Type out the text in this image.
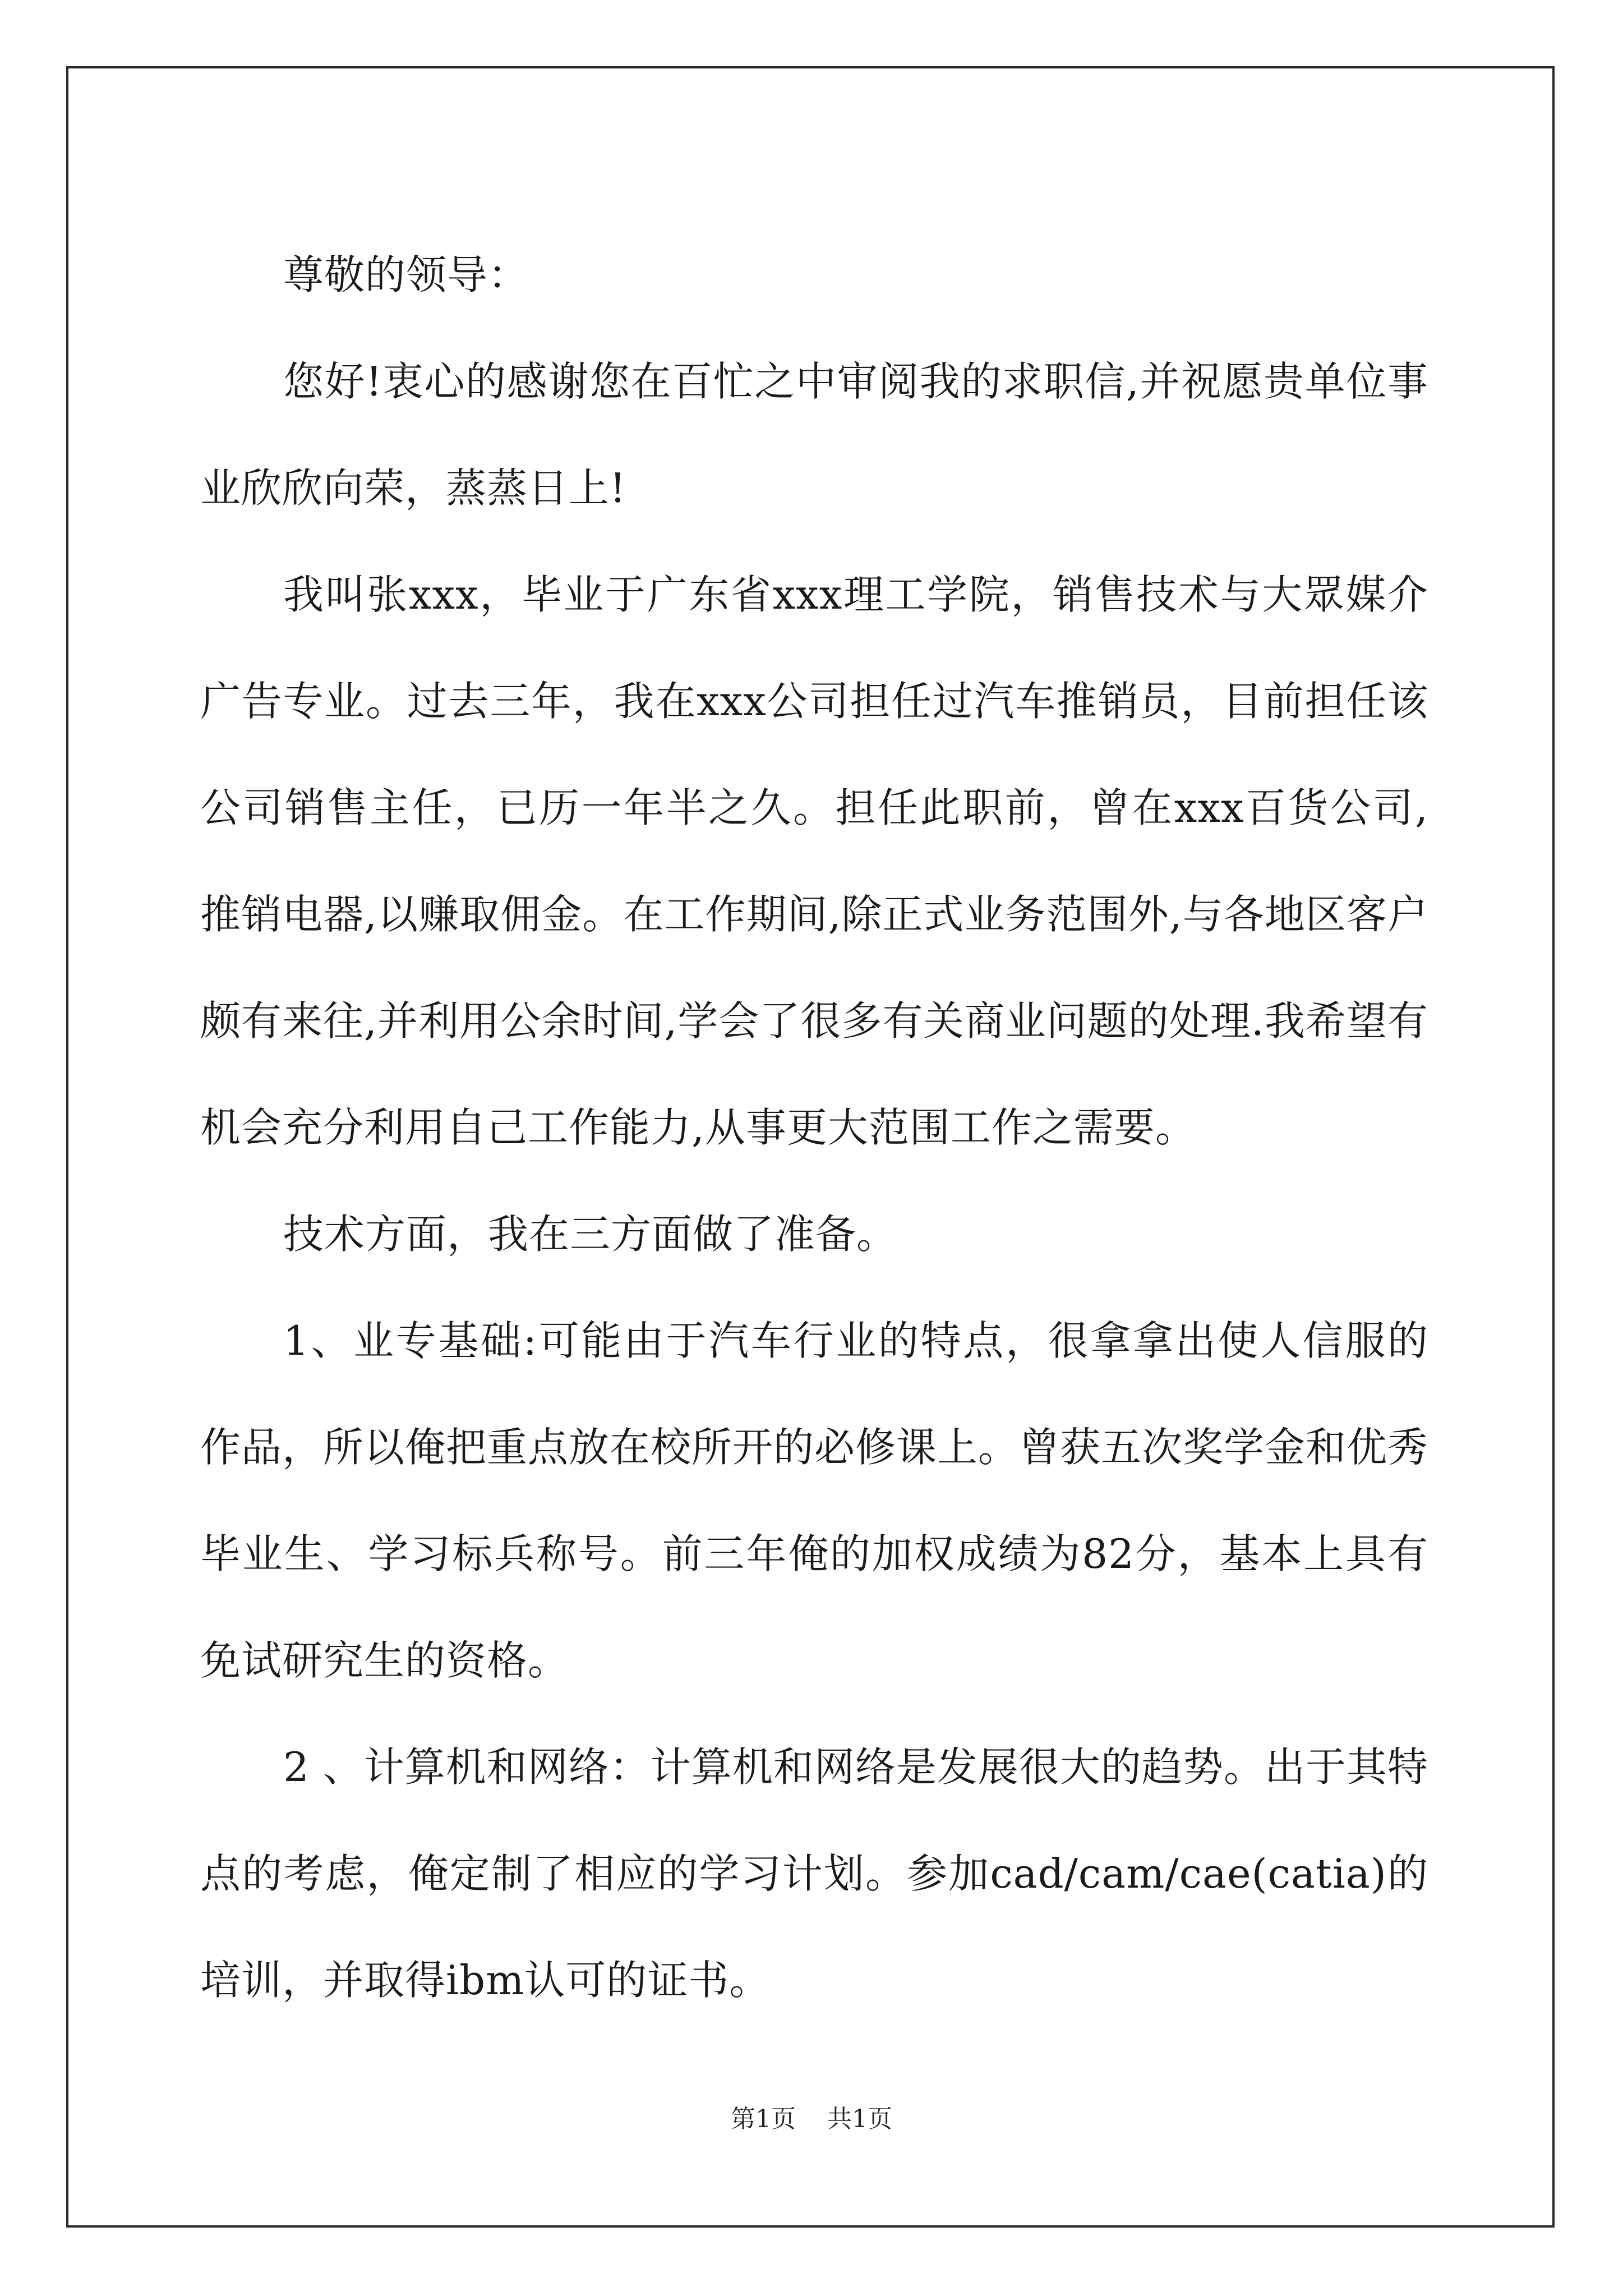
尊敬的领导：

您好!衷心的感谢您在百忙之中审阅我的求职信,并祝愿贵单位事业欣欣向荣，蒸蒸日上!

我叫张xxx，毕业于广东省xxx理工学院，销售技术与大眾媒介广告专业。过去三年，我在xxx公司担任过汽车推销员，目前担任该公司销售主任，已历一年半之久。担任此职前，曾在xxx百货公司,推销电器,以赚取佣金。在工作期间,除正式业务范围外,与各地区客户颇有来往,并利用公余时间,学会了很多有关商业问题的处理.我希望有机会充分利用自己工作能力,从事更大范围工作之需要。

技术方面，我在三方面做了准备。

1、业专基础:可能由于汽车行业的特点，很拿拿出使人信服的作品，所以俺把重点放在校所开的必修课上。曾获五次奖学金和优秀毕业生、学习标兵称号。前三年俺的加权成绩为82分，基本上具有免试研究生的资格。

2 、计算机和网络：计算机和网络是发展很大的趋势。出于其特点的考虑，俺定制了相应的学习计划。参加cad/cam/cae(catia)的培训，并取得ibm认可的证书。

第1页 共1页
